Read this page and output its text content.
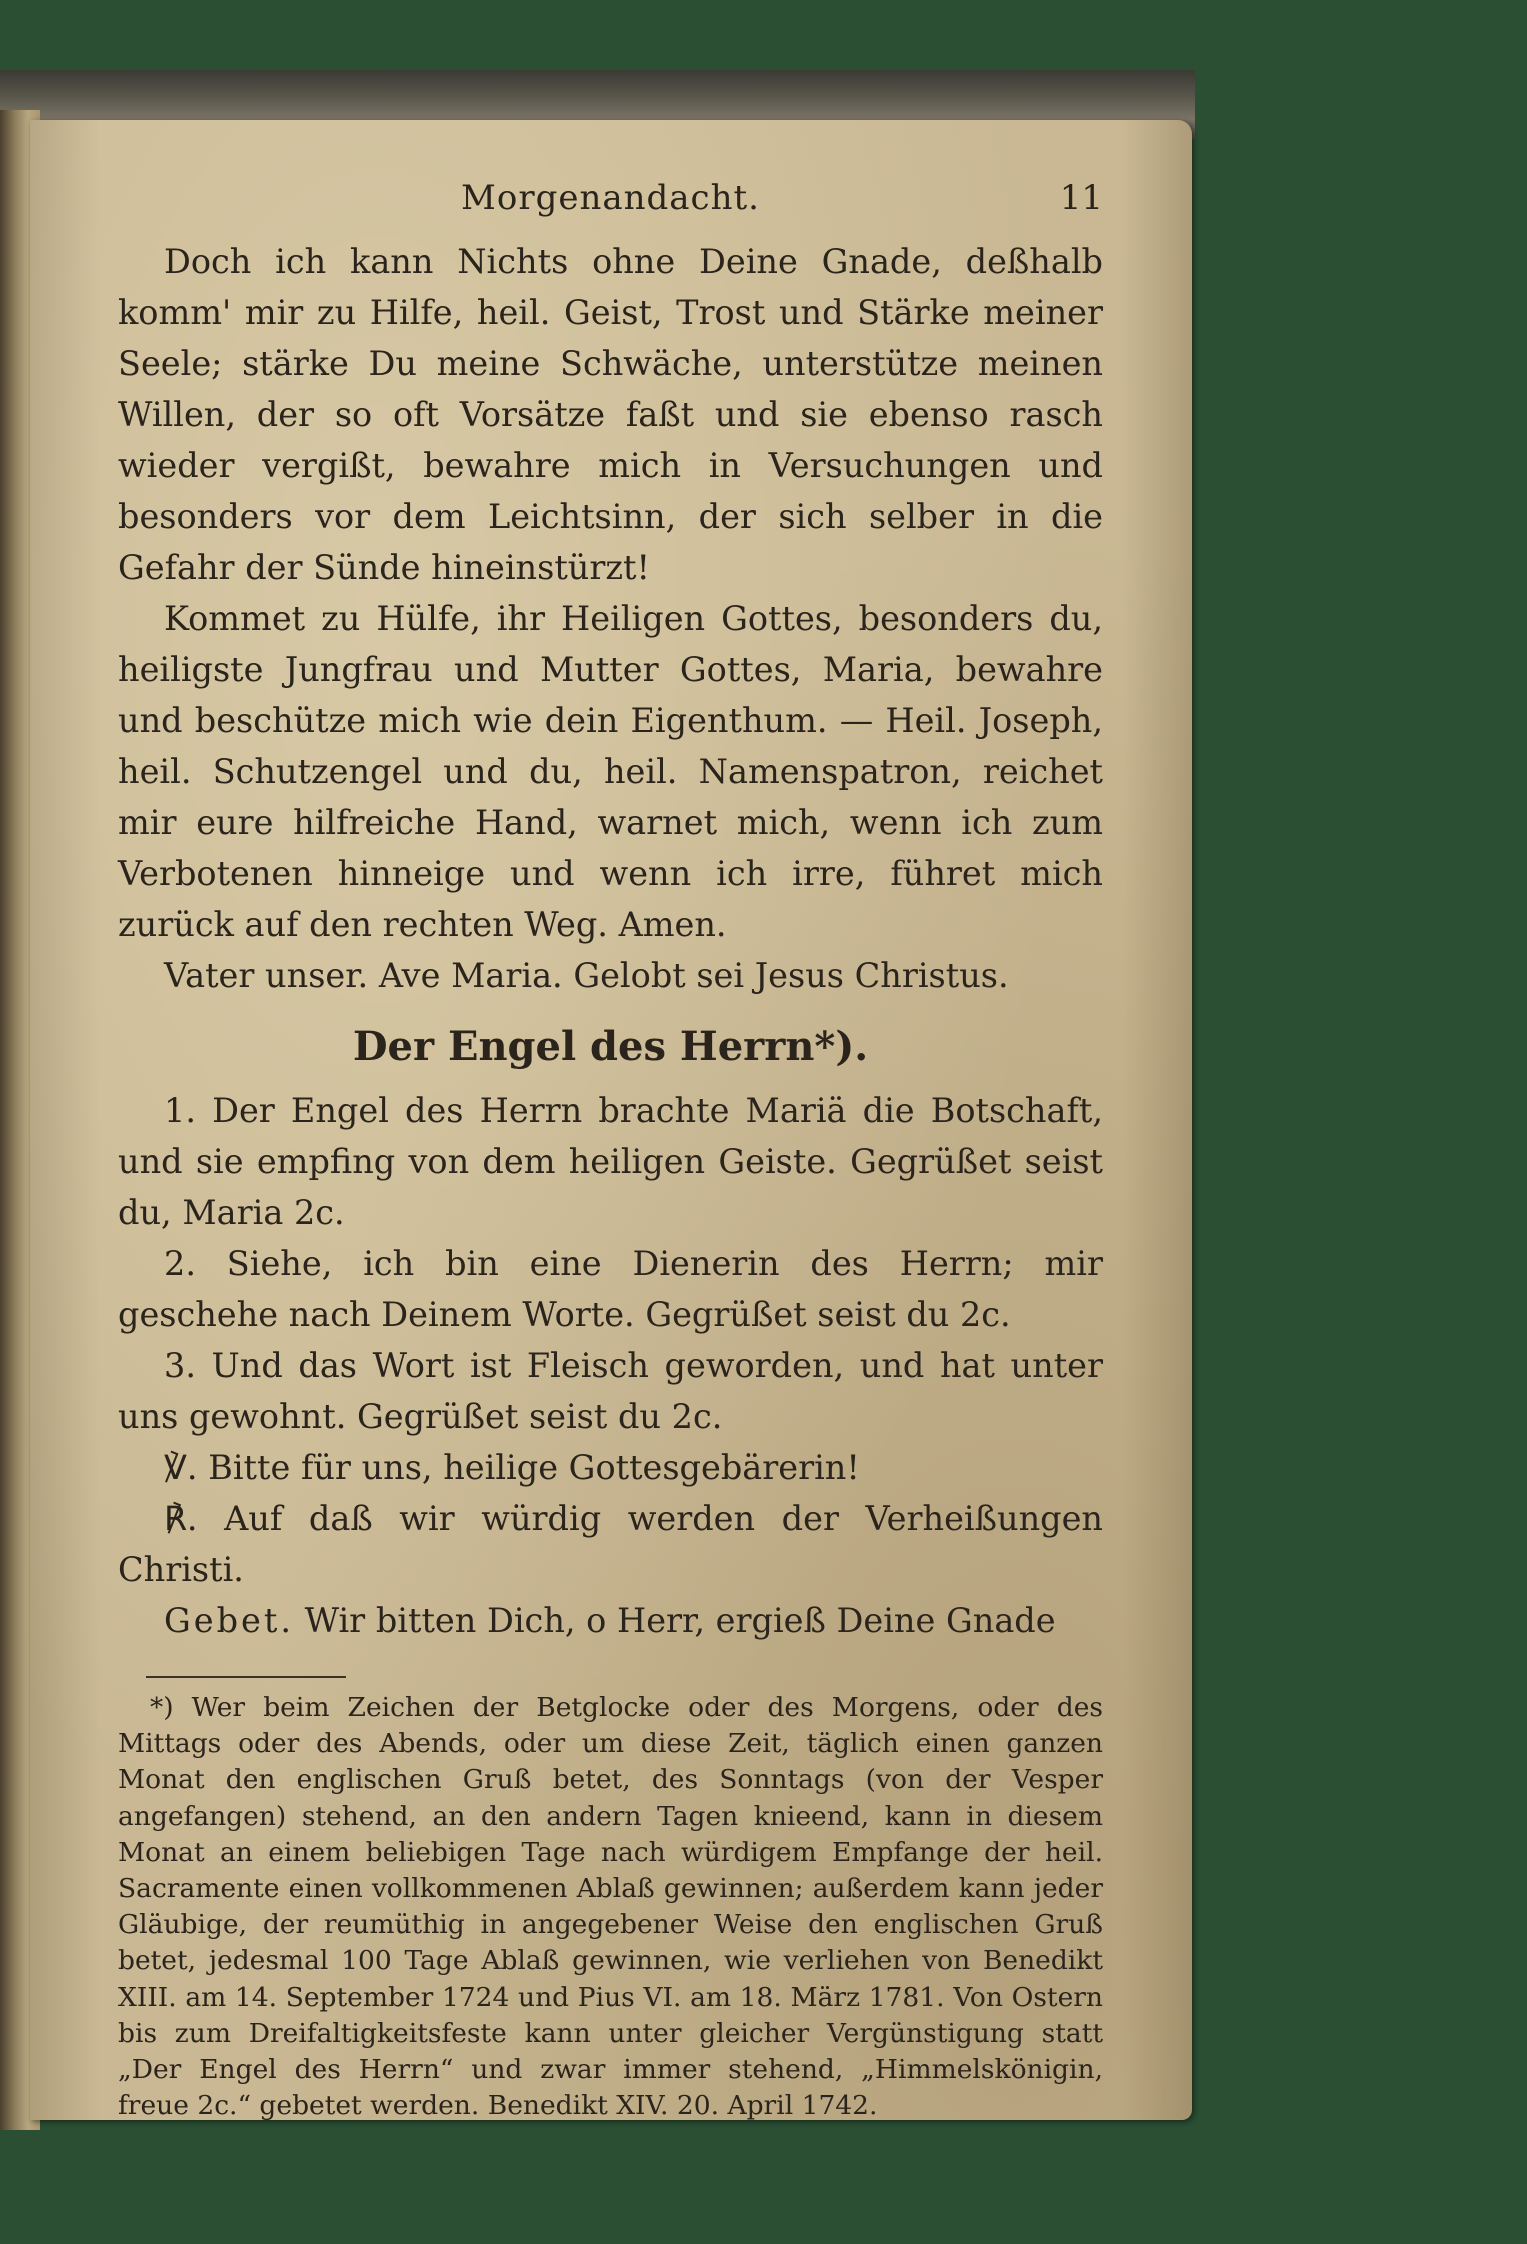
Morgenandacht.	11

Doch ich kann Nichts ohne Deine Gnade, deßhalb komm' mir zu Hilfe, heil. Geist, Trost und Stärke meiner Seele; stärke Du meine Schwäche, unterstütze meinen Willen, der so oft Vorsätze faßt und sie ebenso rasch wieder vergißt, bewahre mich in Versuchungen und besonders vor dem Leichtsinn, der sich selber in die Gefahr der Sünde hineinstürzt!

Kommet zu Hülfe, ihr Heiligen Gottes, besonders du, heiligste Jungfrau und Mutter Gottes, Maria, bewahre und beschütze mich wie dein Eigenthum. — Heil. Joseph, heil. Schutzengel und du, heil. Namenspatron, reichet mir eure hilfreiche Hand, warnet mich, wenn ich zum Verbotenen hinneige und wenn ich irre, führet mich zurück auf den rechten Weg. Amen.

Vater unser. Ave Maria. Gelobt sei Jesus Christus.

Der Engel des Herrn*).

1. Der Engel des Herrn brachte Mariä die Botschaft, und sie empfing von dem heiligen Geiste. Gegrüßet seist du, Maria 2c.

2. Siehe, ich bin eine Dienerin des Herrn; mir geschehe nach Deinem Worte. Gegrüßet seist du 2c.

3. Und das Wort ist Fleisch geworden, und hat unter uns gewohnt. Gegrüßet seist du 2c.

℣. Bitte für uns, heilige Gottesgebärerin!

℟. Auf daß wir würdig werden der Verheißungen Christi.

Gebet. Wir bitten Dich, o Herr, ergieß Deine Gnade

*) Wer beim Zeichen der Betglocke oder des Morgens, oder des Mittags oder des Abends, oder um diese Zeit, täglich einen ganzen Monat den englischen Gruß betet, des Sonntags (von der Vesper angefangen) stehend, an den andern Tagen knieend, kann in diesem Monat an einem beliebigen Tage nach würdigem Empfange der heil. Sacramente einen vollkommenen Ablaß gewinnen; außerdem kann jeder Gläubige, der reumüthig in angegebener Weise den englischen Gruß betet, jedesmal 100 Tage Ablaß gewinnen, wie verliehen von Benedikt XIII. am 14. September 1724 und Pius VI. am 18. März 1781. Von Ostern bis zum Dreifaltigkeitsfeste kann unter gleicher Vergünstigung statt „Der Engel des Herrn“ und zwar immer stehend, „Himmelskönigin, freue 2c.“ gebetet werden. Benedikt XIV. 20. April 1742.
